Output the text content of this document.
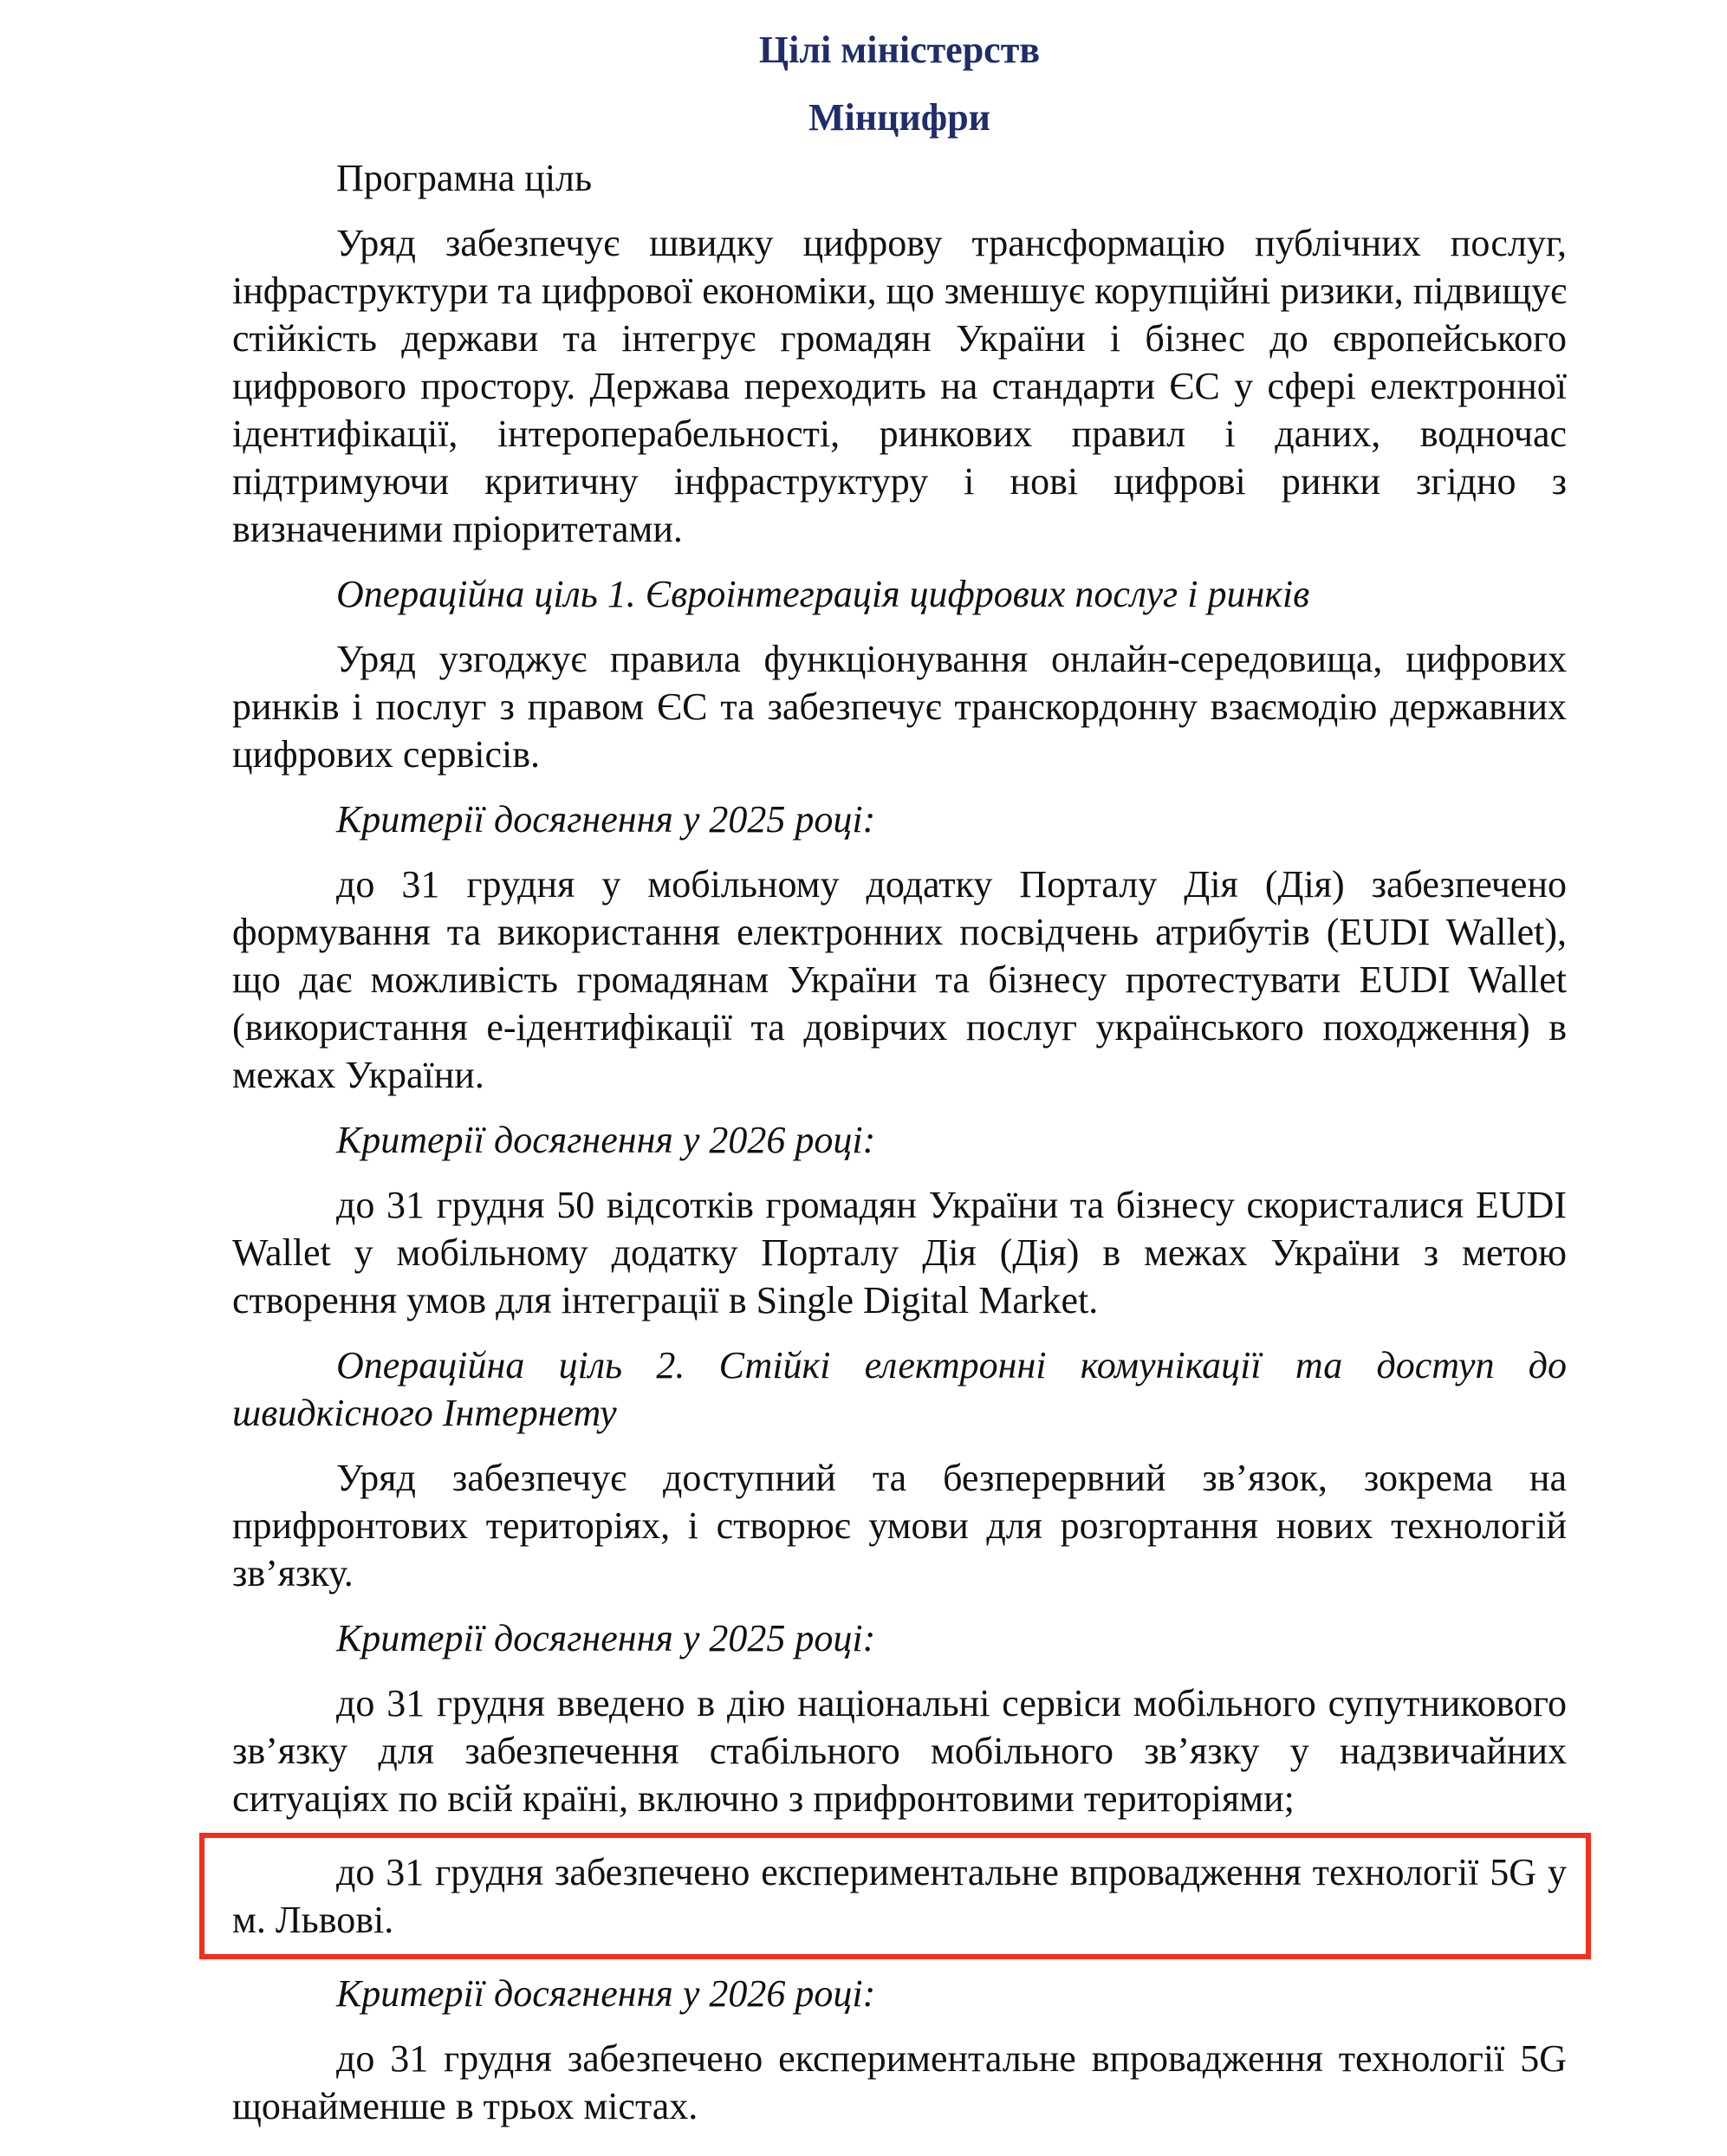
Цілі міністерств
Мінцифри

Програмна ціль

Уряд забезпечує швидку цифрову трансформацію публічних послуг, інфраструктури та цифрової економіки, що зменшує корупційні ризики, підвищує стійкість держави та інтегрує громадян України і бізнес до європейського цифрового простору. Держава переходить на стандарти ЄС у сфері електронної ідентифікації, інтероперабельності, ринкових правил і даних, водночас підтримуючи критичну інфраструктуру і нові цифрові ринки згідно з визначеними пріоритетами.

Операційна ціль 1. Євроінтеграція цифрових послуг і ринків

Уряд узгоджує правила функціонування онлайн-середовища, цифрових ринків і послуг з правом ЄС та забезпечує транскордонну взаємодію державних цифрових сервісів.

Критерії досягнення у 2025 році:

до 31 грудня у мобільному додатку Порталу Дія (Дія) забезпечено формування та використання електронних посвідчень атрибутів (EUDI Wallet), що дає можливість громадянам України та бізнесу протестувати EUDI Wallet (використання е-ідентифікації та довірчих послуг українського походження) в межах України.

Критерії досягнення у 2026 році:

до 31 грудня 50 відсотків громадян України та бізнесу скористалися EUDI Wallet у мобільному додатку Порталу Дія (Дія) в межах України з метою створення умов для інтеграції в Single Digital Market.

Операційна ціль 2. Стійкі електронні комунікації та доступ до швидкісного Інтернету

Уряд забезпечує доступний та безперервний зв’язок, зокрема на прифронтових територіях, і створює умови для розгортання нових технологій зв’язку.

Критерії досягнення у 2025 році:

до 31 грудня введено в дію національні сервіси мобільного супутникового зв’язку для забезпечення стабільного мобільного зв’язку у надзвичайних ситуаціях по всій країні, включно з прифронтовими територіями;

до 31 грудня забезпечено експериментальне впровадження технології 5G у м. Львові.

Критерії досягнення у 2026 році:

до 31 грудня забезпечено експериментальне впровадження технології 5G щонайменше в трьох містах.
